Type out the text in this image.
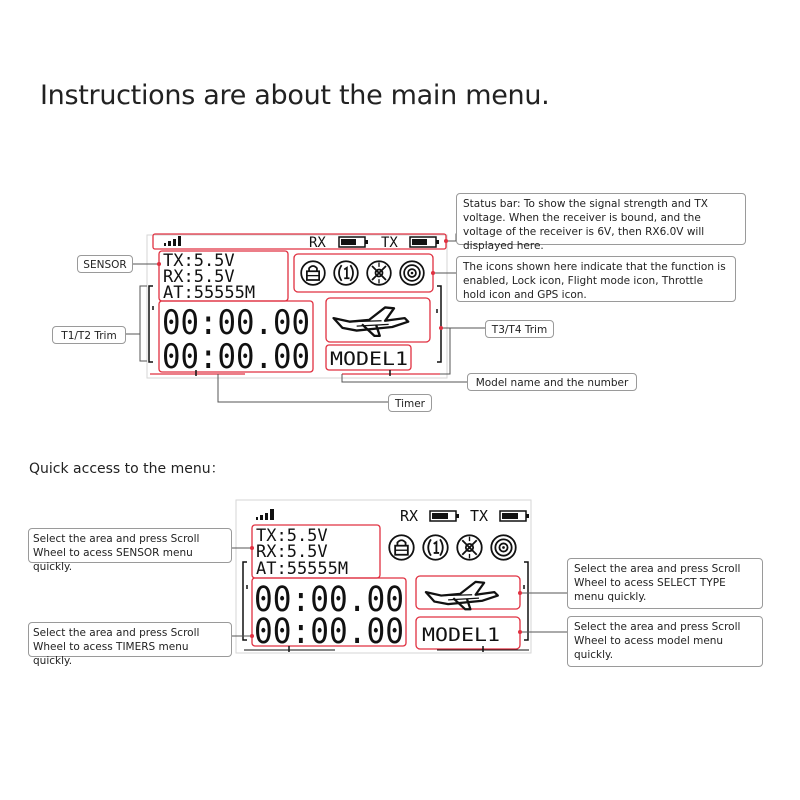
Instructions are about the main menu.
Quick access to the menu：
RX	TX
TX:5.5V
RX:5.5V
AT:55555M
00:00.00
00:00.00 MODEL1
RX	TX
TX:5.5V
RX:5.5V
AT:55555M
00:00.00
00:00.00 MODEL1
Status bar: To show the signal strength and TX voltage. When the receiver is bound, and the voltage of the receiver is 6V, then RX6.0V will displayed here.
The icons shown here indicate that the function is enabled, Lock icon, Flight mode icon, Throttle hold icon and GPS icon.
SENSOR
T1/T2 Trim	T3/T4 Trim
Model name and the number
Timer
Select the area and press Scroll Wheel to acess SENSOR menu quickly.
Select the area and press Scroll Wheel to acess TIMERS menu quickly.
Select the area and press Scroll Wheel to acess SELECT TYPE menu quickly.
Select the area and press Scroll Wheel to acess model menu quickly.
